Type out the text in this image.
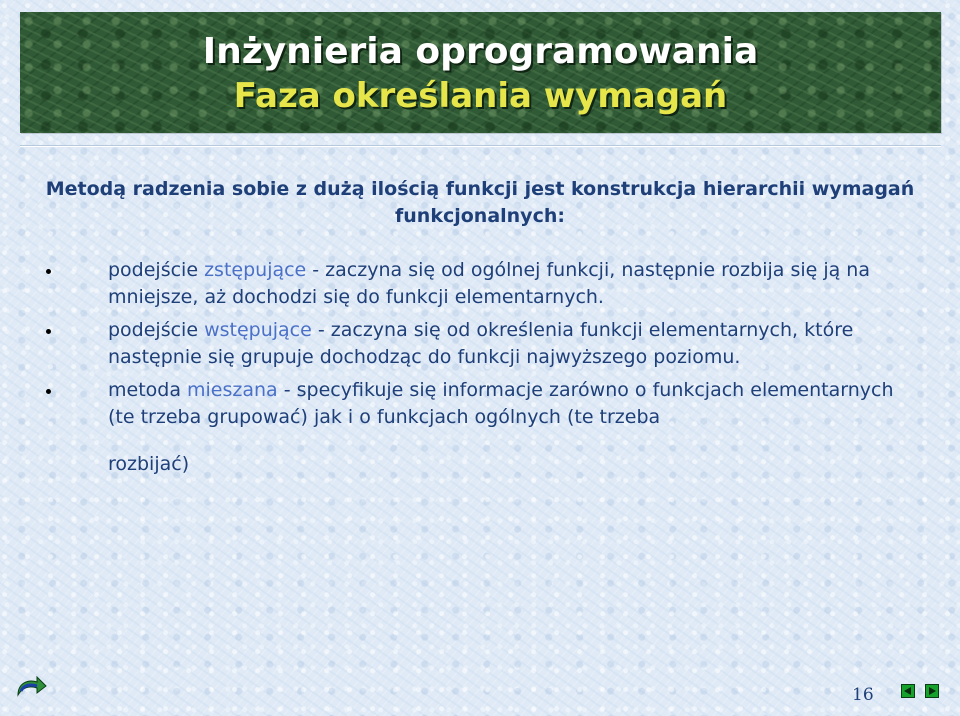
Inżynieria oprogramowania
Faza określania wymagań
Metodą radzenia sobie z dużą ilością funkcji jest konstrukcja hierarchii wymagań funkcjonalnych:
podejście zstępujące - zaczyna się od ogólnej funkcji, następnie rozbija się ją na mniejsze, aż dochodzi się do funkcji elementarnych.
podejście wstępujące - zaczyna się od określenia funkcji elementarnych, które następnie się grupuje dochodząc do funkcji najwyższego poziomu.
metoda mieszana - specyfikuje się informacje zarówno o funkcjach elementarnych (te trzeba grupować) jak i o funkcjach ogólnych (te trzeba
rozbijać)
16
